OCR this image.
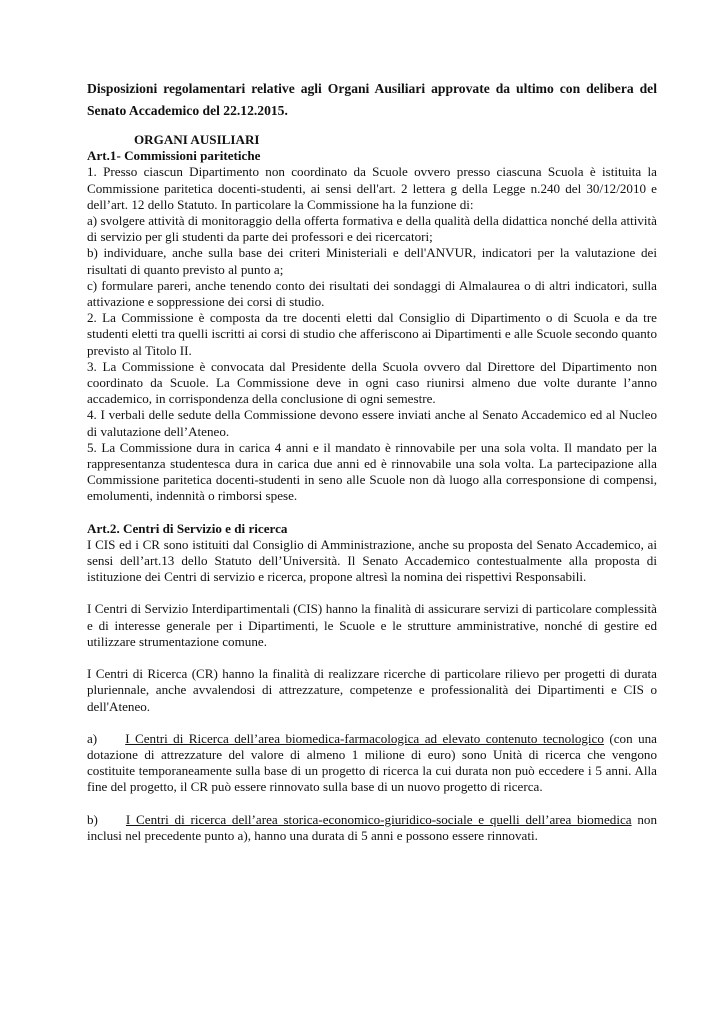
Disposizioni regolamentari relative agli Organi Ausiliari approvate da ultimo con delibera del Senato Accademico del 22.12.2015.

ORGANI AUSILIARI

Art.1- Commissioni paritetiche

1. Presso ciascun Dipartimento non coordinato da Scuole ovvero presso ciascuna Scuola è istituita la Commissione paritetica docenti-studenti, ai sensi dell'art. 2 lettera g della Legge n.240 del 30/12/2010 e dell’art. 12 dello Statuto. In particolare la Commissione ha la funzione di:

a) svolgere attività di monitoraggio della offerta formativa e della qualità della didattica nonché della attività di servizio per gli studenti da parte dei professori e dei ricercatori;

b) individuare, anche sulla base dei criteri Ministeriali e dell'ANVUR, indicatori per la valutazione dei risultati di quanto previsto al punto a;

c) formulare pareri, anche tenendo conto dei risultati dei sondaggi di Almalaurea o di altri indicatori, sulla attivazione e soppressione dei corsi di studio.

2. La Commissione è composta da tre docenti eletti dal Consiglio di Dipartimento o di Scuola e da tre studenti eletti tra quelli iscritti ai corsi di studio che afferiscono ai Dipartimenti e alle Scuole secondo quanto previsto al Titolo II.

3. La Commissione è convocata dal Presidente della Scuola ovvero dal Direttore del Dipartimento non coordinato da Scuole. La Commissione deve in ogni caso riunirsi almeno due volte durante l’anno accademico, in corrispondenza della conclusione di ogni semestre.

4. I verbali delle sedute della Commissione devono essere inviati anche al Senato Accademico ed al Nucleo di valutazione dell’Ateneo.

5. La Commissione dura in carica 4 anni e il mandato è rinnovabile per una sola volta. Il mandato per la rappresentanza studentesca dura in carica due anni ed è rinnovabile una sola volta. La partecipazione alla Commissione paritetica docenti-studenti in seno alle Scuole non dà luogo alla corresponsione di compensi, emolumenti, indennità o rimborsi spese.

Art.2. Centri di Servizio e di ricerca

I CIS ed i CR sono istituiti dal Consiglio di Amministrazione, anche su proposta del Senato Accademico, ai sensi dell’art.13 dello Statuto dell’Università. Il Senato Accademico contestualmente alla proposta di istituzione dei Centri di servizio e ricerca, propone altresì la nomina dei rispettivi Responsabili.

I Centri di Servizio Interdipartimentali (CIS) hanno la finalità di assicurare servizi di particolare complessità e di interesse generale per i Dipartimenti, le Scuole e le strutture amministrative, nonché di gestire ed utilizzare strumentazione comune.

I Centri di Ricerca (CR) hanno la finalità di realizzare ricerche di particolare rilievo per progetti di durata pluriennale, anche avvalendosi di attrezzature, competenze e professionalità dei Dipartimenti e CIS o dell'Ateneo.

a) I Centri di Ricerca dell’area biomedica-farmacologica ad elevato contenuto tecnologico (con una dotazione di attrezzature del valore di almeno 1 milione di euro) sono Unità di ricerca che vengono costituite temporaneamente sulla base di un progetto di ricerca la cui durata non può eccedere i 5 anni. Alla fine del progetto, il CR può essere rinnovato sulla base di un nuovo progetto di ricerca.

b) I Centri di ricerca dell’area storica-economico-giuridico-sociale e quelli dell’area biomedica non inclusi nel precedente punto a), hanno una durata di 5 anni e possono essere rinnovati.
